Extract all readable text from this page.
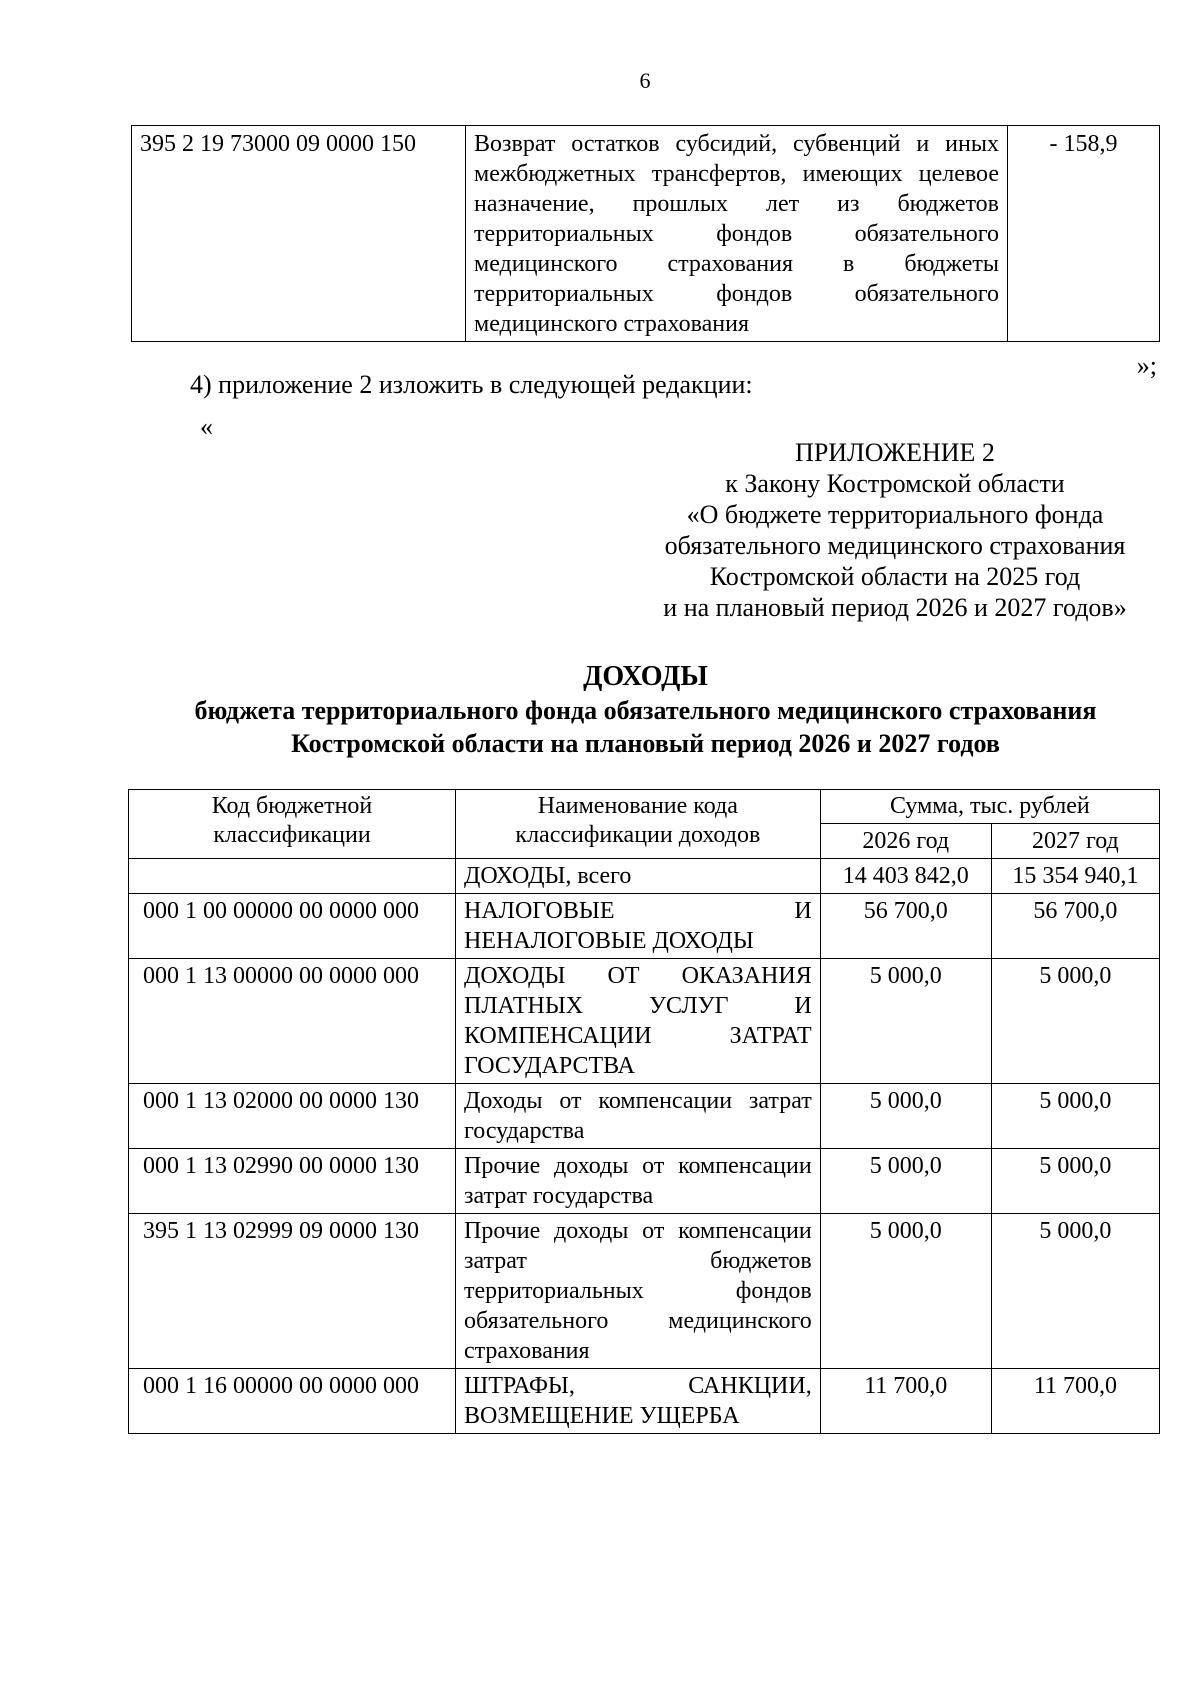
6
395 2 19 73000 09 0000 150	Возврат остатков субсидий, субвенций и иных межбюджетных трансфертов, имеющих целевое назначение, прошлых лет из бюджетов территориальных фондов обязательного медицинского страхования в бюджеты территориальных фондов обязательного медицинского страхования	- 158,9
»;
4) приложение 2 изложить в следующей редакции:
«
ПРИЛОЖЕНИЕ 2
к Закону Костромской области
«О бюджете территориального фонда
обязательного медицинского страхования
Костромской области на 2025 год
и на плановый период 2026 и 2027 годов»
ДОХОДЫ
бюджета территориального фонда обязательного медицинского страхования
Костромской области на плановый период 2026 и 2027 годов
Код бюджетной классификации	Наименование кода классификации доходов	Сумма, тыс. рублей	
		2026 год	2027 год
	ДОХОДЫ, всего	14 403 842,0	15 354 940,1
000 1 00 00000 00 0000 000	НАЛОГОВЫЕ И НЕНАЛОГОВЫЕ ДОХОДЫ	56 700,0	56 700,0
000 1 13 00000 00 0000 000	ДОХОДЫ ОТ ОКАЗАНИЯ ПЛАТНЫХ УСЛУГ И КОМПЕНСАЦИИ ЗАТРАТ ГОСУДАРСТВА	5 000,0	5 000,0
000 1 13 02000 00 0000 130	Доходы от компенсации затрат государства	5 000,0	5 000,0
000 1 13 02990 00 0000 130	Прочие доходы от компенсации затрат государства	5 000,0	5 000,0
395 1 13 02999 09 0000 130	Прочие доходы от компенсации затрат бюджетов территориальных фондов обязательного медицинского страхования	5 000,0	5 000,0
000 1 16 00000 00 0000 000	ШТРАФЫ, САНКЦИИ, ВОЗМЕЩЕНИЕ УЩЕРБА	11 700,0	11 700,0
